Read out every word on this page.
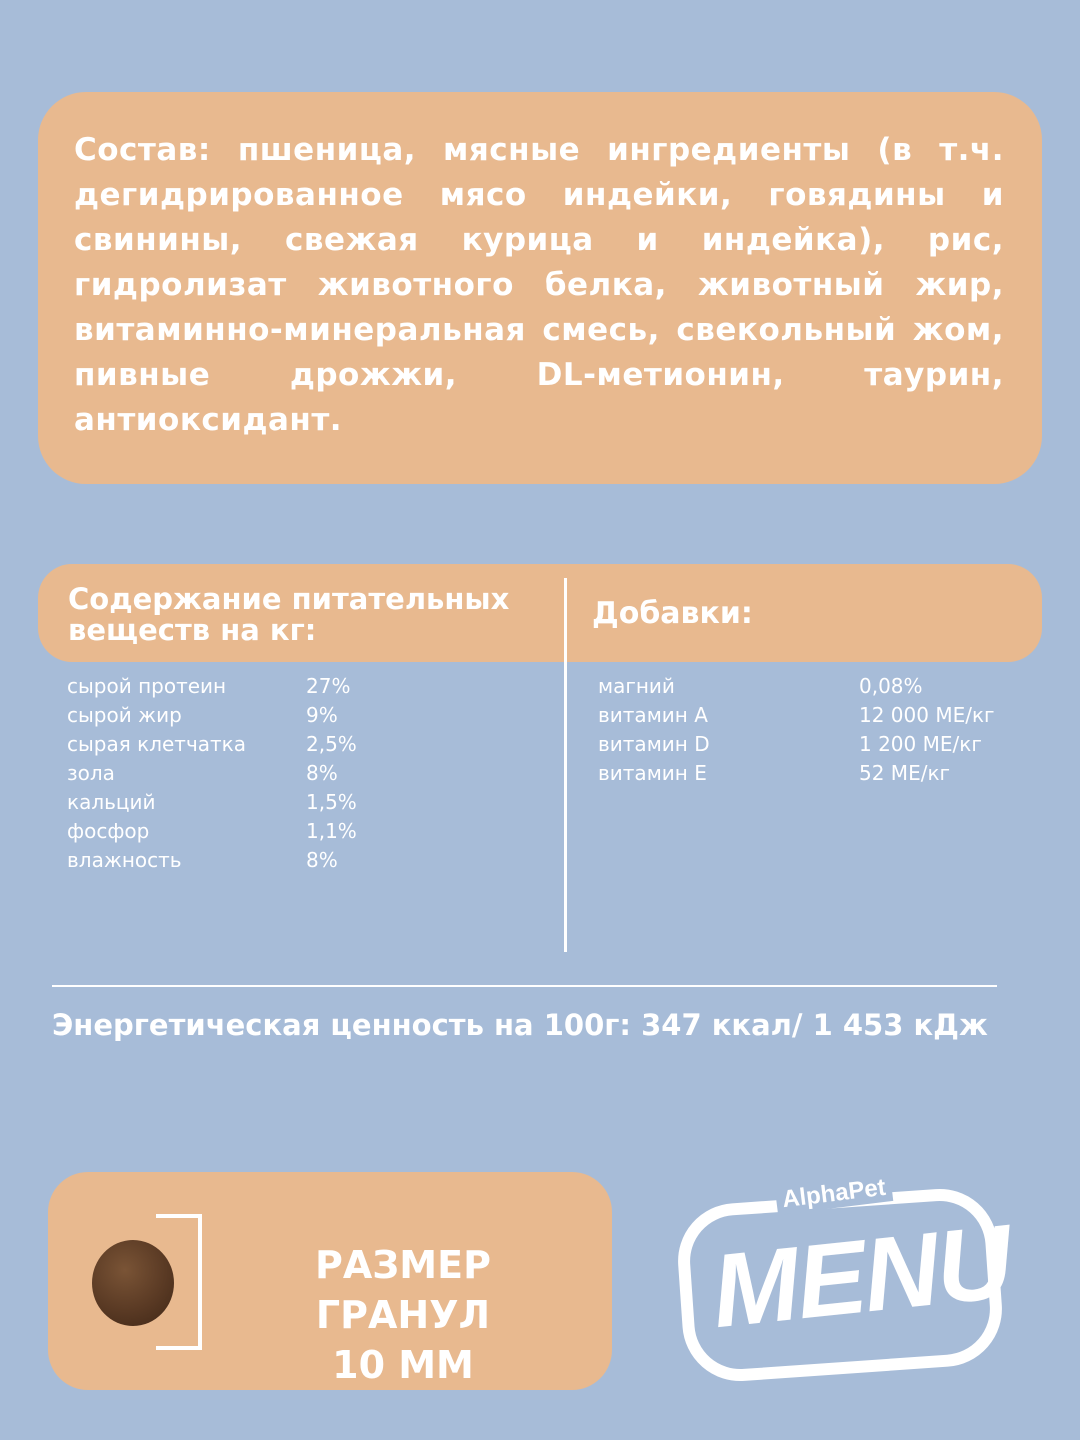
Состав: пшеница, мясные ингредиенты (в т.ч. дегидрированное мясо индейки, говядины и свинины, свежая курица и индейка), рис, гидролизат животного белка, животный жир, витаминно-минеральная смесь, свекольный жом, пивные дрожжи, DL-метионин, таурин, антиоксидант.

Содержание питательных веществ на кг:	Добавки:
сырой протеин	27%
сырой жир	9%
сырая клетчатка	2,5%
зола	8%
кальций	1,5%
фосфор	1,1%
влажность	8%
магний	0,08%
витамин А	12 000 МЕ/кг
витамин D	1 200 МЕ/кг
витамин Е	52 МЕ/кг
Энергетическая ценность на 100г: 347 ккал/ 1 453 кДж
РАЗМЕР ГРАНУЛ
10 ММ
AlphaPet
MENU
